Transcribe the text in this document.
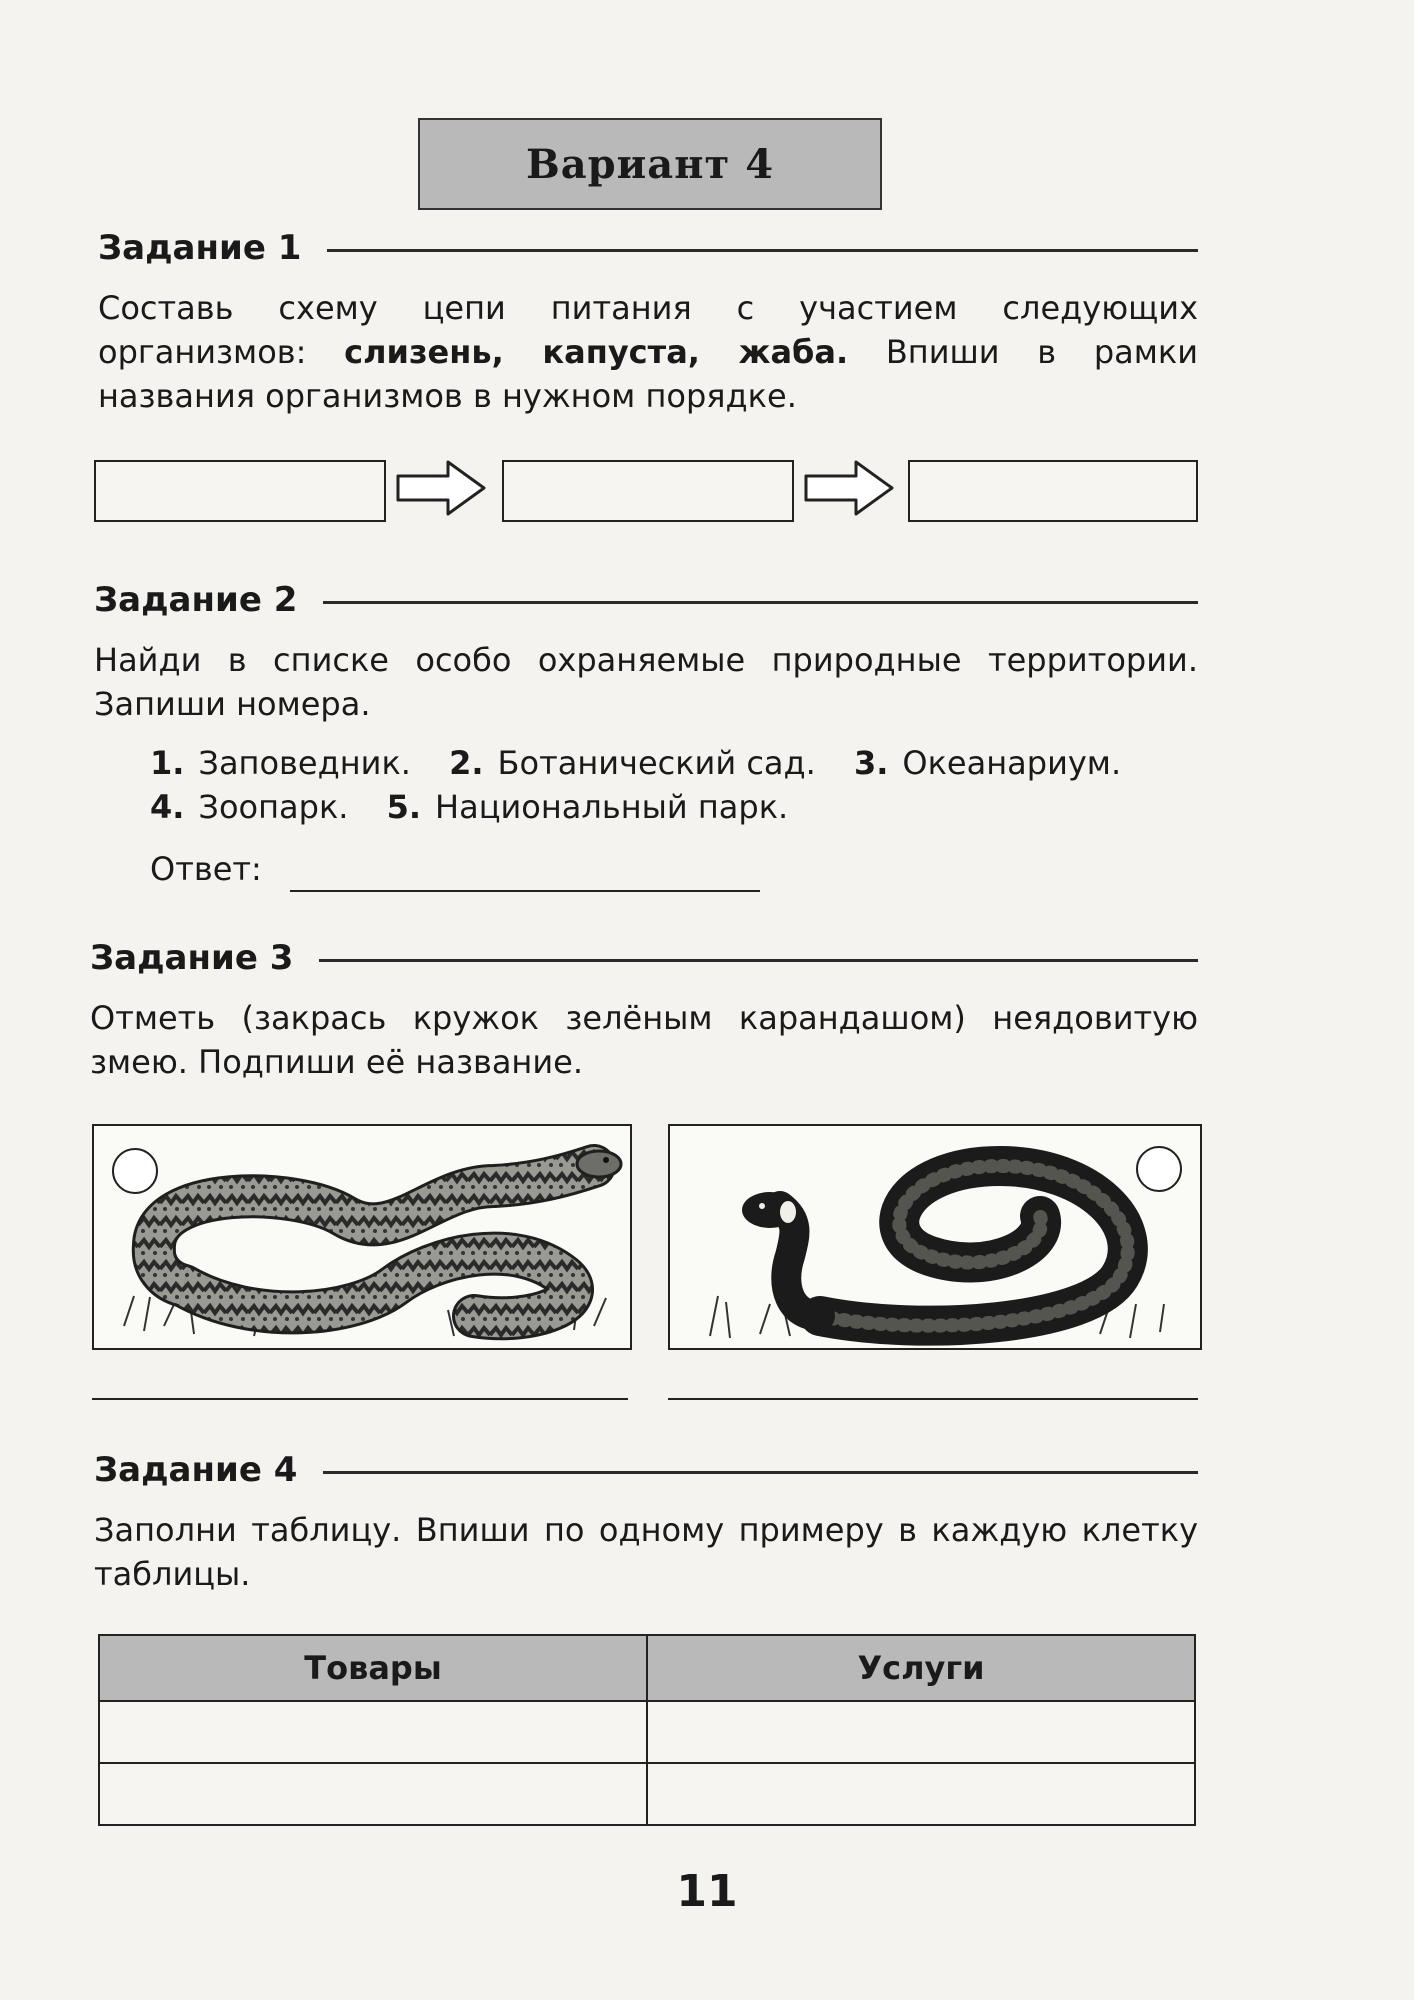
Вариант 4
Задание 1
Составь схему цепи питания с участием следующих организмов: слизень, капуста, жаба. Впиши в рамки названия организмов в нужном порядке.
Задание 2
Найди в списке особо охраняемые природные территории. Запиши номера.
1. Заповедник. 2. Ботанический сад. 3. Океанариум.
4. Зоопарк. 5. Национальный парк.
Ответ:
Задание 3
Отметь (закрась кружок зелёным карандашом) неядовитую змею. Подпиши её название.
Задание 4
Заполни таблицу. Впиши по одному примеру в каждую клетку таблицы.
Товары	Услуги

11
